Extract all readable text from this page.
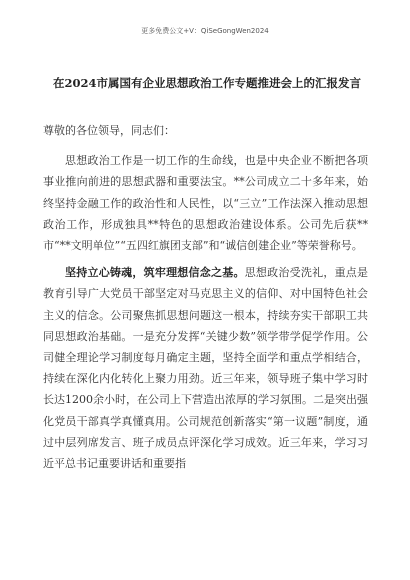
更多免费公文+V：QiSeGongWen2024
在2024市属国有企业思想政治工作专题推进会上的汇报发言

尊敬的各位领导，同志们：

思想政治工作是一切工作的生命线，也是中央企业不断把各项事业推向前进的思想武器和重要法宝。**公司成立二十多年来，始终坚持金融工作的政治性和人民性，以“三立”工作法深入推动思想政治工作，形成独具**特色的思想政治建设体系。公司先后获**市“**文明单位”“五四红旗团支部”和“诚信创建企业”等荣誉称号。

坚持立心铸魂，筑牢理想信念之基。思想政治受洗礼，重点是教育引导广大党员干部坚定对马克思主义的信仰、对中国特色社会主义的信念。公司聚焦抓思想问题这一根本，持续夯实干部职工共同思想政治基础。一是充分发挥“关键少数”领学带学促学作用。公司健全理论学习制度每月确定主题，坚持全面学和重点学相结合，持续在深化内化转化上聚力用劲。近三年来，领导班子集中学习时长达1200余小时，在公司上下营造出浓厚的学习氛围。二是突出强化党员干部真学真懂真用。公司规范创新落实“第一议题”制度，通过中层列席发言、班子成员点评深化学习成效。近三年来，学习习近平总书记重要讲话和重要指
